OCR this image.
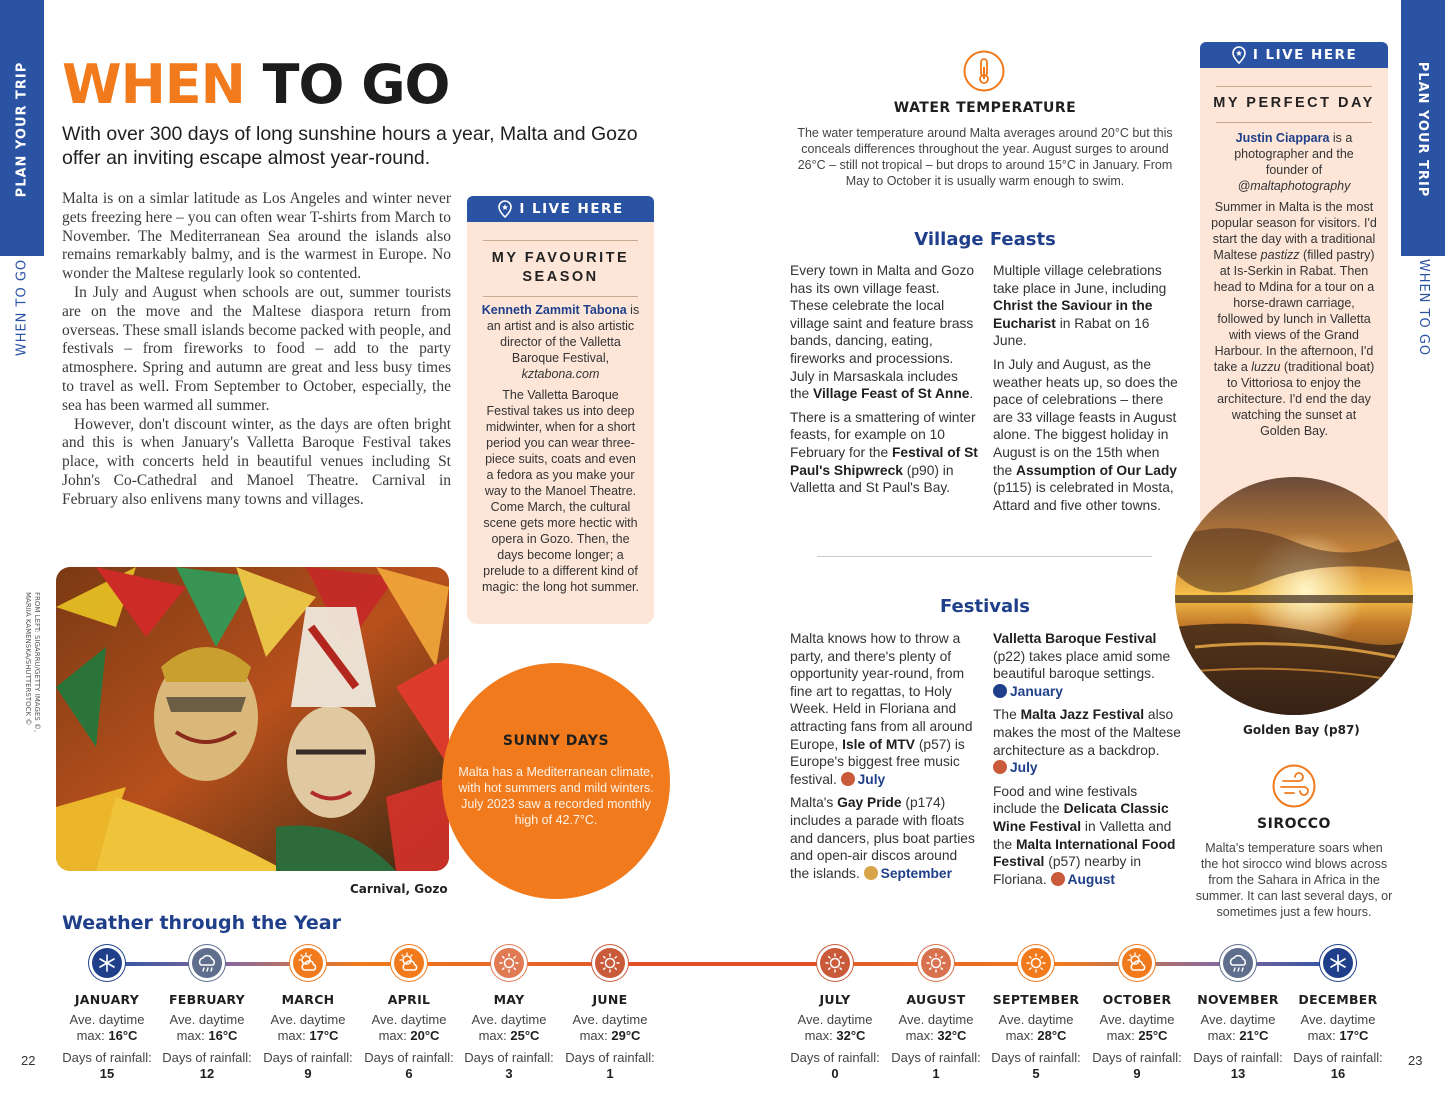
PLAN YOUR TRIP
WHEN TO GO
PLAN YOUR TRIP
WHEN TO GO
WHEN TO GO
With over 300 days of long sunshine hours a year, Malta and Gozo offer an inviting escape almost year-round.

Malta is on a simlar latitude as Los Angeles and winter never gets freezing here – you can often wear T-shirts from March to November. The Mediterranean Sea around the islands also remains remarkably balmy, and is the warmest in Europe. No wonder the Maltese regularly look so contented.

In July and August when schools are out, summer tourists are on the move and the Maltese diaspora return from overseas. These small islands become packed with people, and festivals – from fireworks to food – add to the party atmosphere. Spring and autumn are great and less busy times to travel as well. From September to October, especially, the sea has been warmed all summer.

However, don't discount winter, as the days are often bright and this is when January's Valletta Baroque Festival takes place, with concerts held in beautiful venues including St John's Co-Cathedral and Manoel Theatre. Carnival in February also enlivens many towns and villages.

I LIVE HERE
MY FAVOURITE
SEASON
Kenneth Zammit Tabona is an artist and is also artistic director of the Valletta Baroque Festival,
kztabona.com
The Valletta Baroque Festival takes us into deep midwinter, when for a short period you can wear three-piece suits, coats and even a fedora as you make your way to the Manoel Theatre. Come March, the cultural scene gets more hectic with opera in Gozo. Then, the days become longer; a prelude to a different kind of magic: the long hot summer.
Carnival, Gozo
FROM LEFT: SIGARRU/GETTY IMAGES ©,
MARIIA KAMENSKA/SHUTTERSTOCK ©
SUNNY DAYS
Malta has a Mediterranean climate, with hot summers and mild winters. July 2023 saw a recorded monthly high of 42.7°C.
WATER TEMPERATURE
The water temperature around Malta averages around 20°C but this conceals differences throughout the year. August surges to around 26°C – still not tropical – but drops to around 15°C in January. From May to October it is usually warm enough to swim.
Village Feasts

Every town in Malta and Gozo has its own village feast. These celebrate the local village saint and feature brass bands, dancing, eating, fireworks and processions. July in Marsaskala includes the Village Feast of St Anne.

There is a smattering of winter feasts, for example on 10 February for the Festival of St Paul's Shipwreck (p90) in Valletta and St Paul's Bay.

Multiple village celebrations take place in June, including Christ the Saviour in the Eucharist in Rabat on 16 June.

In July and August, as the weather heats up, so does the pace of celebrations – there are 33 village feasts in August alone. The biggest holiday in August is on the 15th when the Assumption of Our Lady (p115) is celebrated in Mosta, Attard and five other towns.

Festivals

Malta knows how to throw a party, and there's plenty of opportunity year-round, from fine art to regattas, to Holy Week. Held in Floriana and attracting fans from all around Europe, Isle of MTV (p57) is Europe's biggest free music festival. July

Malta's Gay Pride (p174) includes a parade with floats and dancers, plus boat parties and open-air discos around the islands. September

Valletta Baroque Festival (p22) takes place amid some beautiful baroque settings.
January

The Malta Jazz Festival also makes the most of the Maltese architecture as a backdrop.
July

Food and wine festivals include the Delicata Classic Wine Festival in Valletta and the Malta International Food Festival (p57) nearby in Floriana. August

I LIVE HERE
MY PERFECT DAY
Justin Ciappara is a photographer and the founder of
@maltaphotography
Summer in Malta is the most popular season for visitors. I'd start the day with a traditional Maltese pastizz (filled pastry) at Is-Serkin in Rabat. Then head to Mdina for a tour on a horse-drawn carriage, followed by lunch in Valletta with views of the Grand Harbour. In the afternoon, I'd take a luzzu (traditional boat) to Vittoriosa to enjoy the architecture. I'd end the day watching the sunset at Golden Bay.
Golden Bay (p87)
SIROCCO
Malta's temperature soars when the hot sirocco wind blows across from the Sahara in Africa in the summer. It can last several days, or sometimes just a few hours.
Weather through the Year
JANUARY
Ave. daytime
max: 16°C
Days of rainfall:
15
FEBRUARY
Ave. daytime
max: 16°C
Days of rainfall:
12
MARCH
Ave. daytime
max: 17°C
Days of rainfall:
9
APRIL
Ave. daytime
max: 20°C
Days of rainfall:
6
MAY
Ave. daytime
max: 25°C
Days of rainfall:
3
JUNE
Ave. daytime
max: 29°C
Days of rainfall:
1
JULY
Ave. daytime
max: 32°C
Days of rainfall:
0
AUGUST
Ave. daytime
max: 32°C
Days of rainfall:
1
SEPTEMBER
Ave. daytime
max: 28°C
Days of rainfall:
5
OCTOBER
Ave. daytime
max: 25°C
Days of rainfall:
9
NOVEMBER
Ave. daytime
max: 21°C
Days of rainfall:
13
DECEMBER
Ave. daytime
max: 17°C
Days of rainfall:
16
22	23
